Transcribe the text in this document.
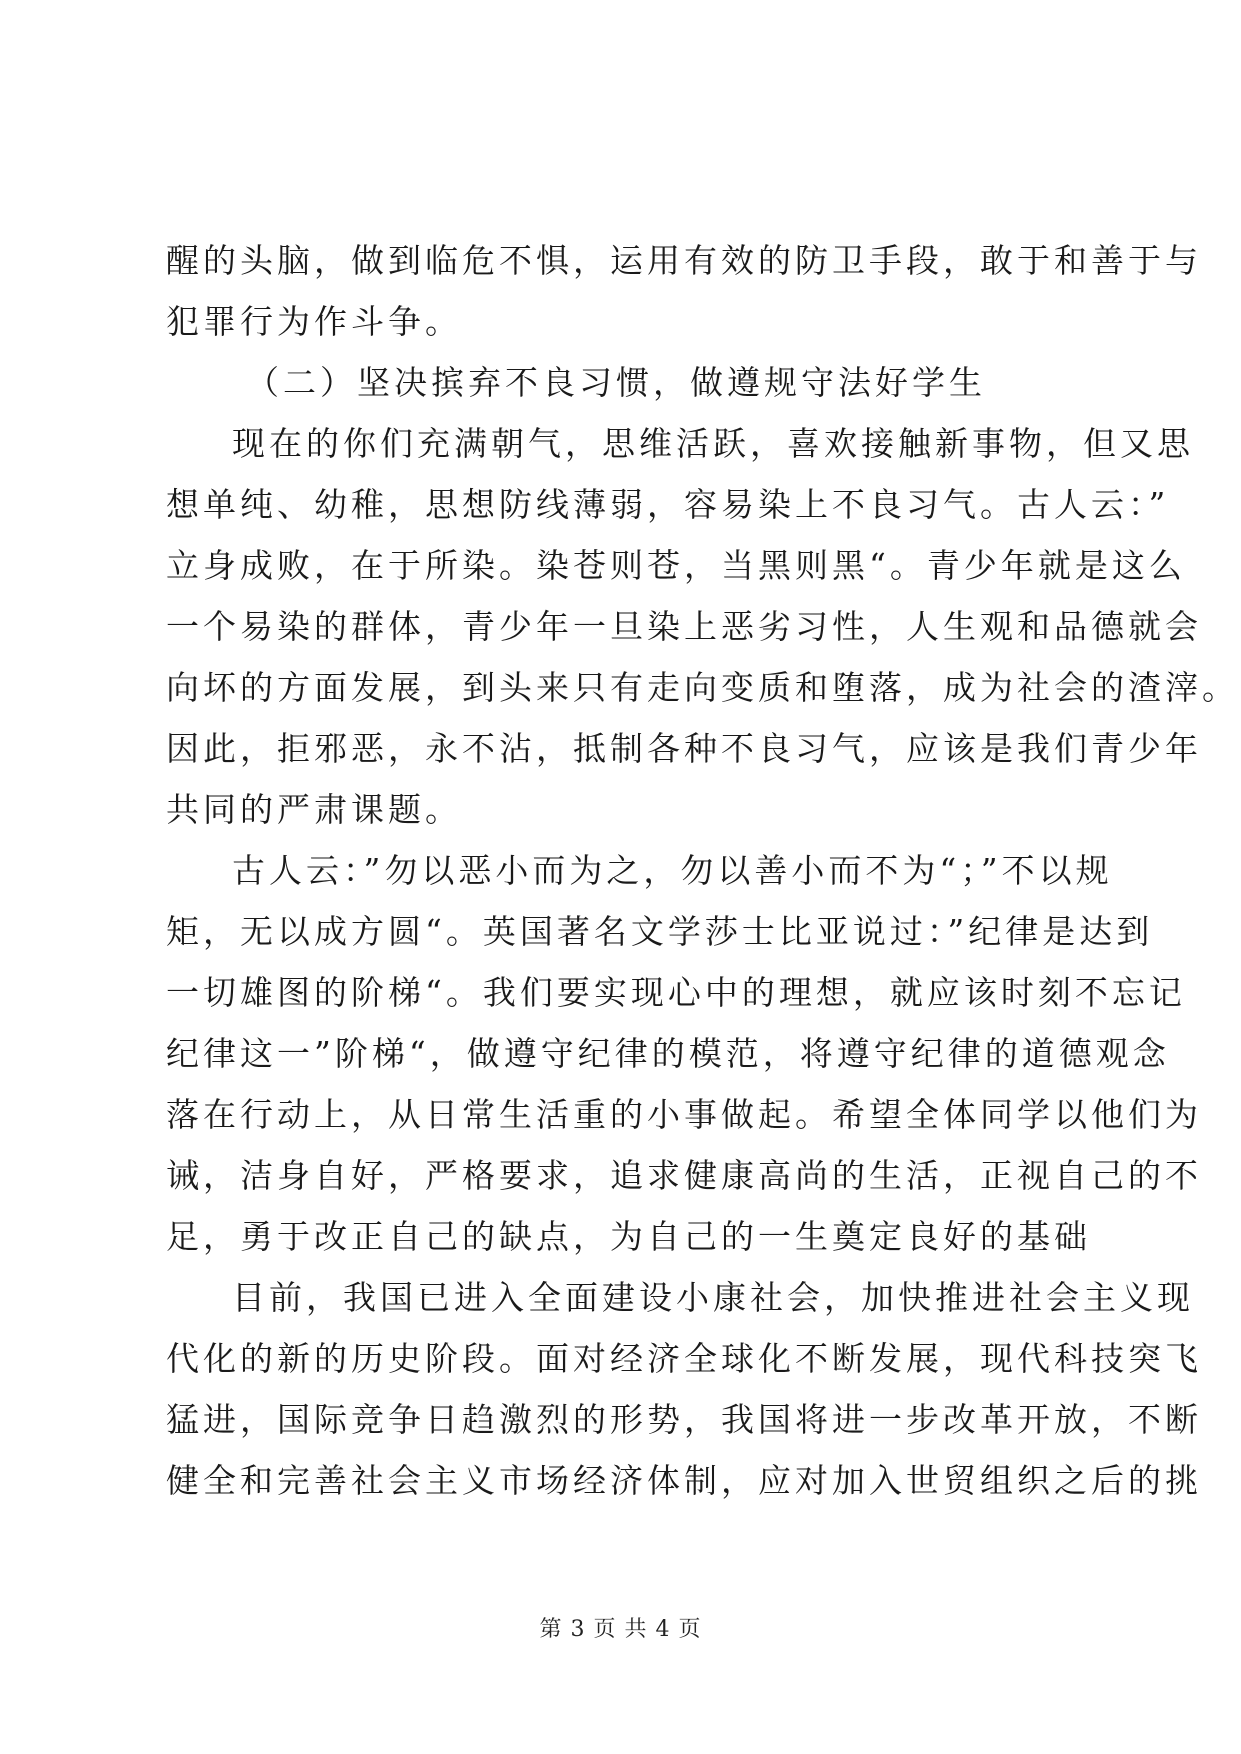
醒的头脑，做到临危不惧，运用有效的防卫手段，敢于和善于与
犯罪行为作斗争。
（二）坚决摈弃不良习惯，做遵规守法好学生
现在的你们充满朝气，思维活跃，喜欢接触新事物，但又思
想单纯、幼稚，思想防线薄弱，容易染上不良习气。古人云：”
立身成败，在于所染。染苍则苍，当黑则黑“。青少年就是这么
一个易染的群体，青少年一旦染上恶劣习性，人生观和品德就会
向坏的方面发展，到头来只有走向变质和堕落，成为社会的渣滓。
因此，拒邪恶，永不沾，抵制各种不良习气，应该是我们青少年
共同的严肃课题。
古人云：”勿以恶小而为之，勿以善小而不为“；”不以规
矩，无以成方圆“。英国著名文学莎士比亚说过：”纪律是达到
一切雄图的阶梯“。我们要实现心中的理想，就应该时刻不忘记
纪律这一”阶梯“，做遵守纪律的模范，将遵守纪律的道德观念
落在行动上，从日常生活重的小事做起。希望全体同学以他们为
诫，洁身自好，严格要求，追求健康高尚的生活，正视自己的不
足，勇于改正自己的缺点，为自己的一生奠定良好的基础
目前，我国已进入全面建设小康社会，加快推进社会主义现
代化的新的历史阶段。面对经济全球化不断发展，现代科技突飞
猛进，国际竞争日趋激烈的形势，我国将进一步改革开放，不断
健全和完善社会主义市场经济体制，应对加入世贸组织之后的挑
第 3 页 共 4 页
